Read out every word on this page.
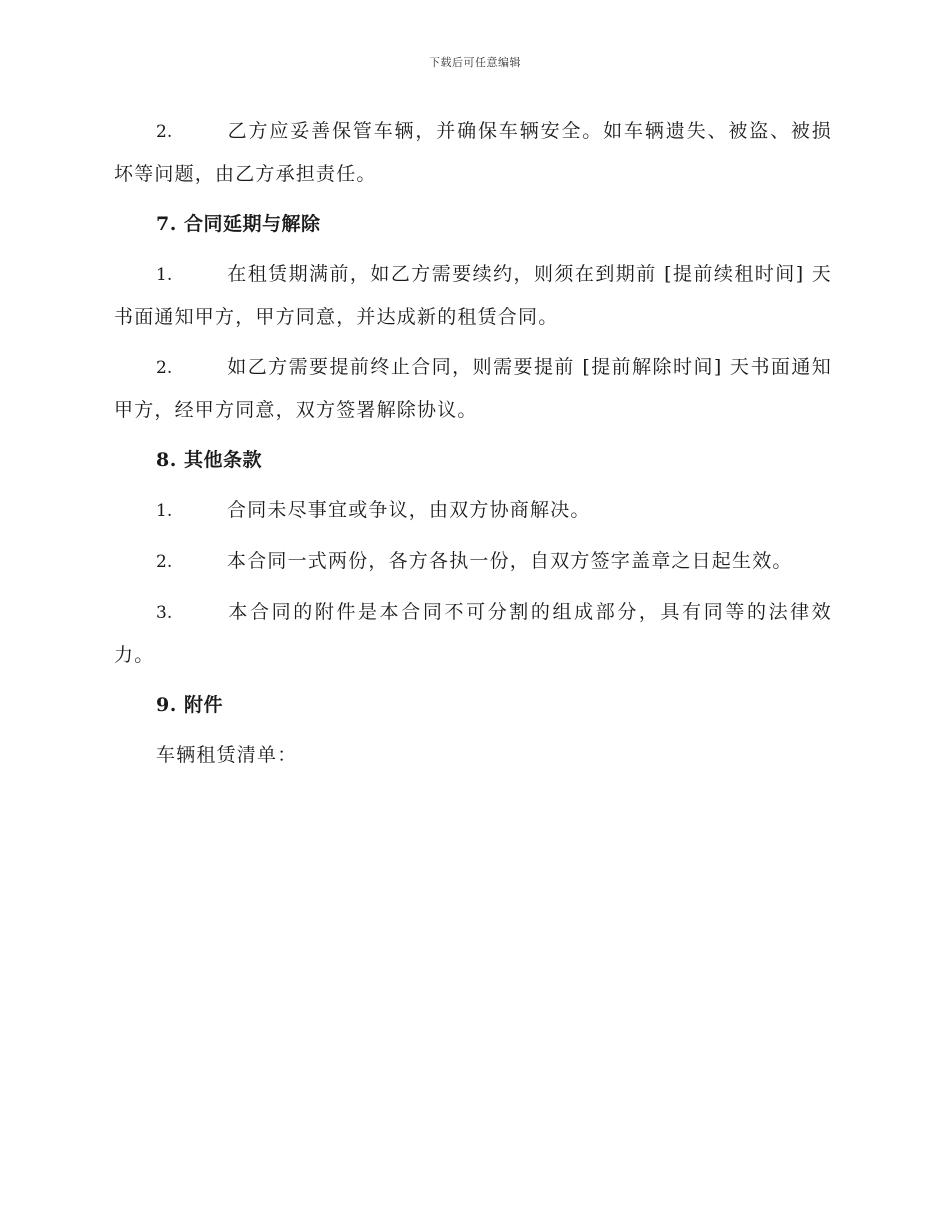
下载后可任意编辑

2.	乙方应妥善保管车辆，并确保车辆安全。如车辆遗失、被盗、被损坏等问题，由乙方承担责任。

7. 合同延期与解除

1.	在租赁期满前，如乙方需要续约，则须在到期前 [提前续租时间] 天书面通知甲方，甲方同意，并达成新的租赁合同。

2.	如乙方需要提前终止合同，则需要提前 [提前解除时间] 天书面通知甲方，经甲方同意，双方签署解除协议。

8. 其他条款

1.	合同未尽事宜或争议，由双方协商解决。

2.	本合同一式两份，各方各执一份，自双方签字盖章之日起生效。

3.	本合同的附件是本合同不可分割的组成部分，具有同等的法律效力。

9. 附件

车辆租赁清单：
